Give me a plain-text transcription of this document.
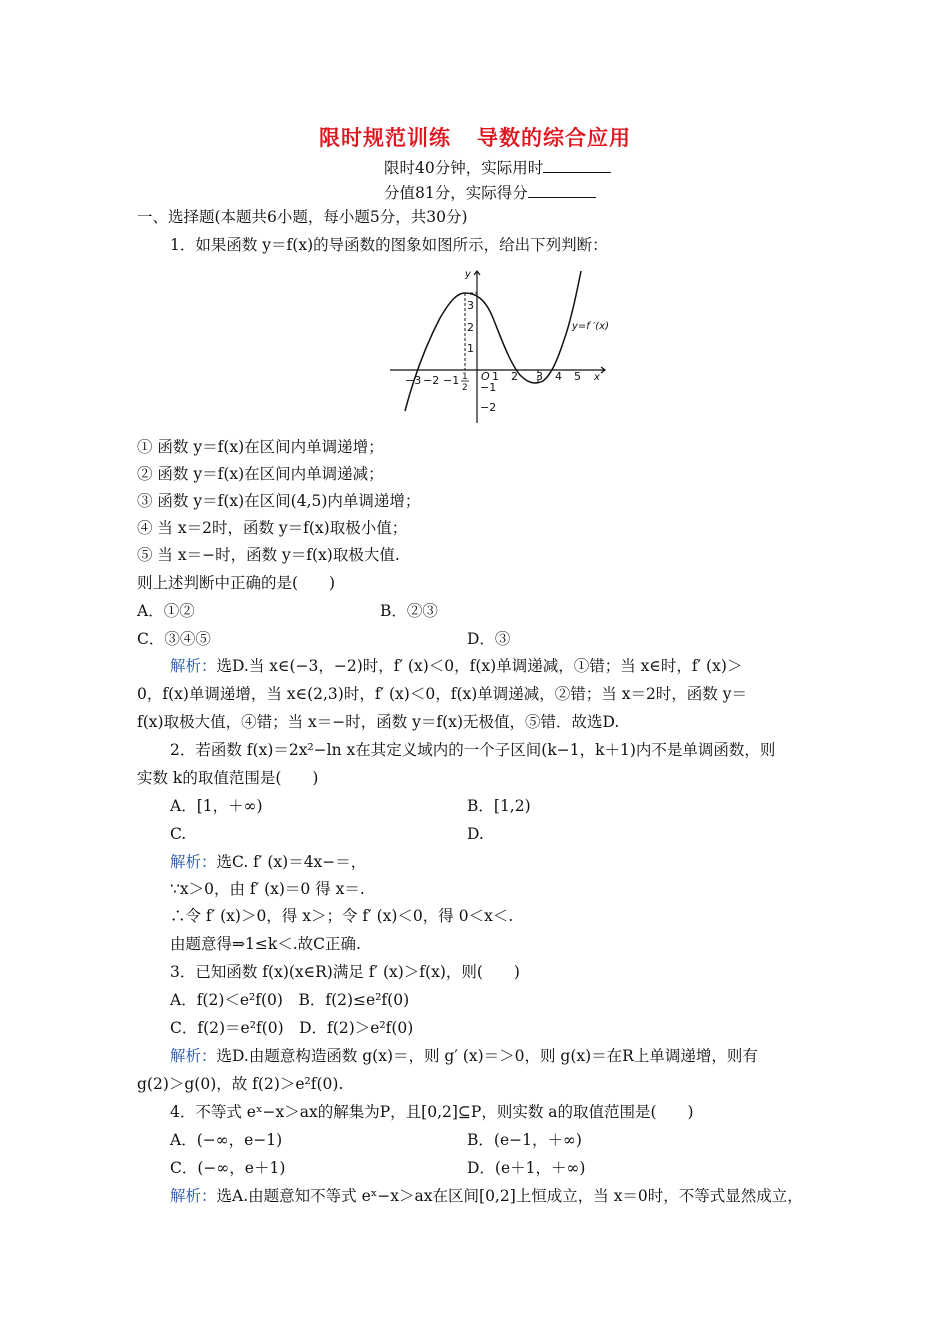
限时规范训练 导数的综合应用
限时40分钟，实际用时
分值81分，实际得分
一、选择题(本题共6小题，每小题5分，共30分)
1．如果函数 y＝f(x)的导函数的图象如图所示，给出下列判断：
−3 −2 −1 1
2
O 1 2 3 4 5 x
y
3
2
1
−1
−2
y=f ′(x)
① 函数 y＝f(x)在区间内单调递增；
② 函数 y＝f(x)在区间内单调递减；
③ 函数 y＝f(x)在区间(4,5)内单调递增；
④ 当 x＝2时，函数 y＝f(x)取极小值；
⑤ 当 x＝−时，函数 y＝f(x)取极大值.
则上述判断中正确的是(　　)
A．①②	B．②③
C．③④⑤	D．③
解析：选D.当 x∈(−3，−2)时，f′ (x)＜0，f(x)单调递减，①错；当 x∈时，f′ (x)＞
0，f(x)单调递增，当 x∈(2,3)时，f′ (x)＜0，f(x)单调递减，②错；当 x＝2时，函数 y＝
f(x)取极大值，④错；当 x＝−时，函数 y＝f(x)无极值，⑤错．故选D.
2．若函数 f(x)＝2x²−ln x在其定义域内的一个子区间(k−1，k＋1)内不是单调函数，则
实数 k的取值范围是(　　)
A．[1，＋∞)	B．[1,2)
C.	D.
解析：选C. f′ (x)＝4x−＝，
∵x＞0，由 f′ (x)＝0 得 x＝.
∴令 f′ (x)＞0，得 x＞；令 f′ (x)＜0，得 0＜x＜.
由题意得⇒1≤k＜.故C正确.
3．已知函数 f(x)(x∈R)满足 f′ (x)＞f(x)，则(　　)
A．f(2)＜e²f(0)　B．f(2)≤e²f(0)
C．f(2)＝e²f(0)　D．f(2)＞e²f(0)
解析：选D.由题意构造函数 g(x)＝，则 g′ (x)＝＞0，则 g(x)＝在R上单调递增，则有
g(2)＞g(0)，故 f(2)＞e²f(0).
4．不等式 eˣ−x＞ax的解集为P，且[0,2]⊆P，则实数 a的取值范围是(　　)
A．(−∞，e−1)	B．(e−1，＋∞)
C．(−∞，e＋1)	D．(e＋1，＋∞)
解析：选A.由题意知不等式 eˣ−x＞ax在区间[0,2]上恒成立，当 x＝0时，不等式显然成立，
